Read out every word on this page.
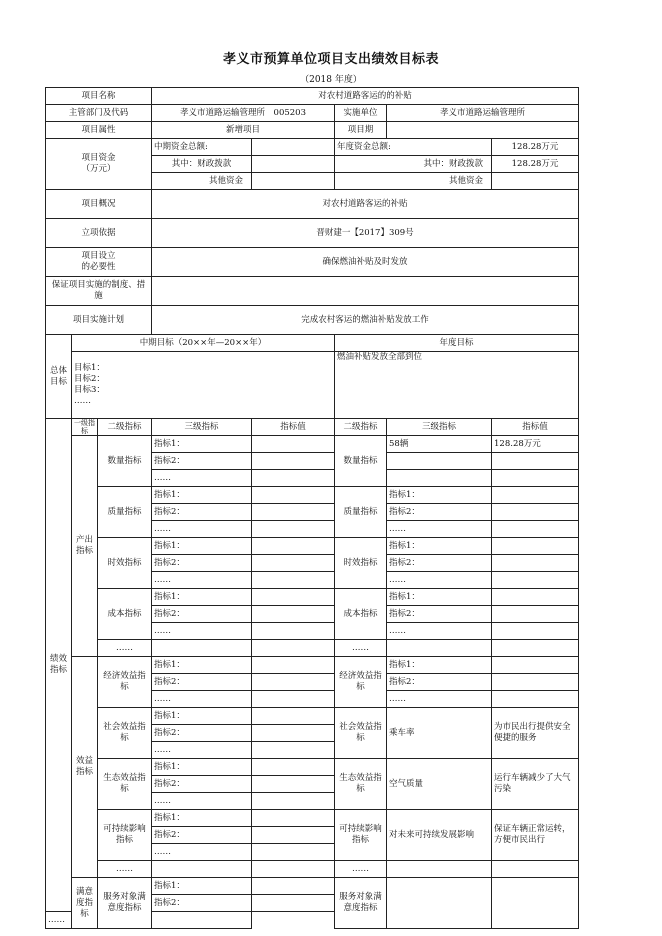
孝义市预算单位项目支出绩效目标表
（2018 年度）
项目名称			对农村道路客运的的补贴				
主管部门及代码			孝义市道路运输管理所　005203		实施单位	孝义市道路运输管理所	
项目属性			新增项目		项目期		
项目资金
（万元）			中期资金总额:		年度资金总额:		128.28万元
			其中：财政拨款		其中：财政拨款		128.28万元
			其他资金		其他资金		
项目概况			对农村道路客运的补贴				
立项依据			晋财建一【2017】309号				
项目设立
的必要性			确保燃油补贴及时发放				
保证项目实施的制度、措施							
项目实施计划			完成农村客运的燃油补贴发放工作				
总体目标	中期目标（20××年—20××年）				年度目标		

	目标1：
目标2：
目标3：
……				燃油补贴发放全部到位		
绩效指标	一级指标	二级指标	三级指标	指标值	二级指标	三级指标	指标值
	产出指标	数量指标	指标1：		数量指标	58辆	128.28万元
			指标2：				
			……				
		质量指标	指标1：		质量指标	指标1：	
			指标2：			指标2：	
			……			……	
		时效指标	指标1：		时效指标	指标1：	
			指标2：			指标2：	
			……			……	
		成本指标	指标1：		成本指标	指标1：	
			指标2：			指标2：	
			……			……	
		……			……		
	效益指标	经济效益指标	指标1：		经济效益指标	指标1：	
			指标2：			指标2：	
			……			……	
		社会效益指标	指标1：		社会效益指标	乘车率	为市民出行提供安全便捷的服务
			指标2：				
			……				
		生态效益指标	指标1：		生态效益指标	空气质量	运行车辆减少了大气污染
			指标2：				
			……				
		可持续影响指标	指标1：		可持续影响指标	对未来可持续发展影响	保证车辆正常运转，方便市民出行
			指标2：				
			……				
		……			……		
	满意度指标	服务对象满意度指标	指标1：		服务对象满意度指标		
			指标2：				
……							
